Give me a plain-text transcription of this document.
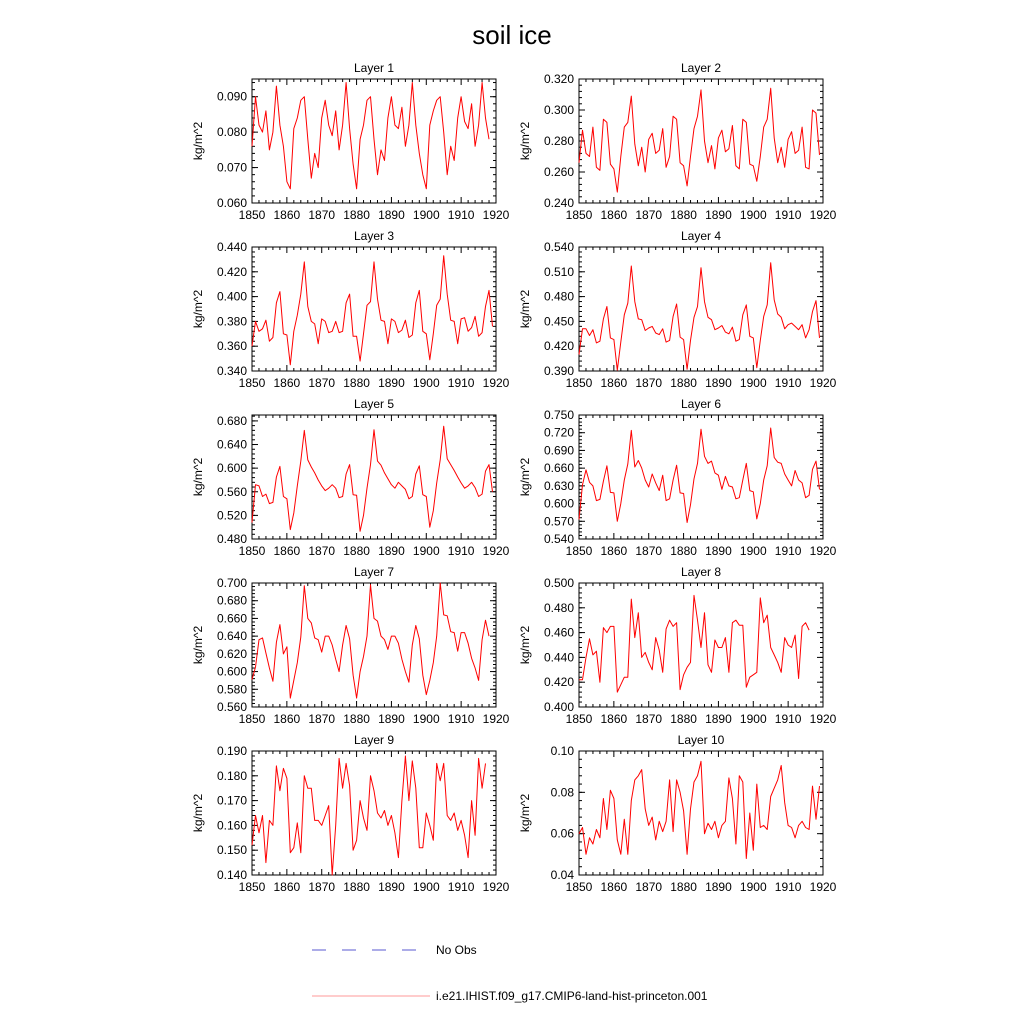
soil ice
1850 1860 1870 1880 1890 1900 1910 1920
0.060
0.070
0.080
0.090
Layer 1
kg/m^2
1850 1860 1870 1880 1890 1900 1910 1920
0.240
0.260
0.280
0.300
0.320
Layer 2
kg/m^2
1850 1860 1870 1880 1890 1900 1910 1920
0.340
0.360
0.380
0.400
0.420
0.440
Layer 3
kg/m^2
1850 1860 1870 1880 1890 1900 1910 1920
0.390
0.420
0.450
0.480
0.510
0.540
Layer 4
kg/m^2
1850 1860 1870 1880 1890 1900 1910 1920
0.480
0.520
0.560
0.600
0.640
0.680
Layer 5
kg/m^2
1850 1860 1870 1880 1890 1900 1910 1920
0.540
0.570
0.600
0.630
0.660
0.690
0.720
0.750
Layer 6
kg/m^2
1850 1860 1870 1880 1890 1900 1910 1920
0.560
0.580
0.600
0.620
0.640
0.660
0.680
0.700
Layer 7
kg/m^2
1850 1860 1870 1880 1890 1900 1910 1920
0.400
0.420
0.440
0.460
0.480
0.500
Layer 8
kg/m^2
1850 1860 1870 1880 1890 1900 1910 1920
0.140
0.150
0.160
0.170
0.180
0.190
Layer 9
kg/m^2
1850 1860 1870 1880 1890 1900 1910 1920
0.04
0.06
0.08
0.10
Layer 10
kg/m^2
No Obs
i.e21.IHIST.f09_g17.CMIP6-land-hist-princeton.001
